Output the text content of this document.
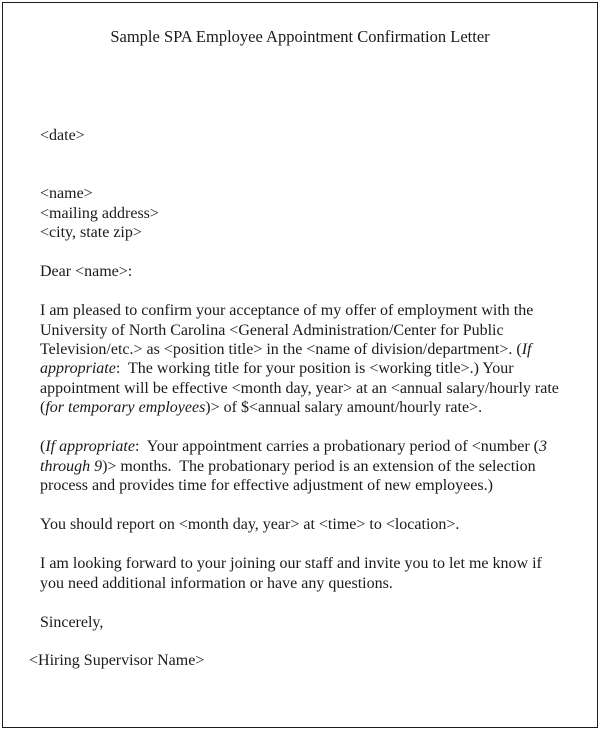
Sample SPA Employee Appointment Confirmation Letter

<date>

<name>

<mailing address>

<city, state zip>

Dear <name>:

I am pleased to confirm your acceptance of my offer of employment with the University of North Carolina <General Administration/Center for Public Television/etc.> as <position title> in the <name of division/department>. (If appropriate:  The working title for your position is <working title>.) Your appointment will be effective <month day, year> at an <annual salary/hourly rate (for temporary employees)> of $<annual salary amount/hourly rate>.

(If appropriate:  Your appointment carries a probationary period of <number (3 through 9)> months.  The probationary period is an extension of the selection process and provides time for effective adjustment of new employees.)

You should report on <month day, year> at <time> to <location>.

I am looking forward to your joining our staff and invite you to let me know if you need additional information or have any questions.

Sincerely,

<Hiring Supervisor Name>
